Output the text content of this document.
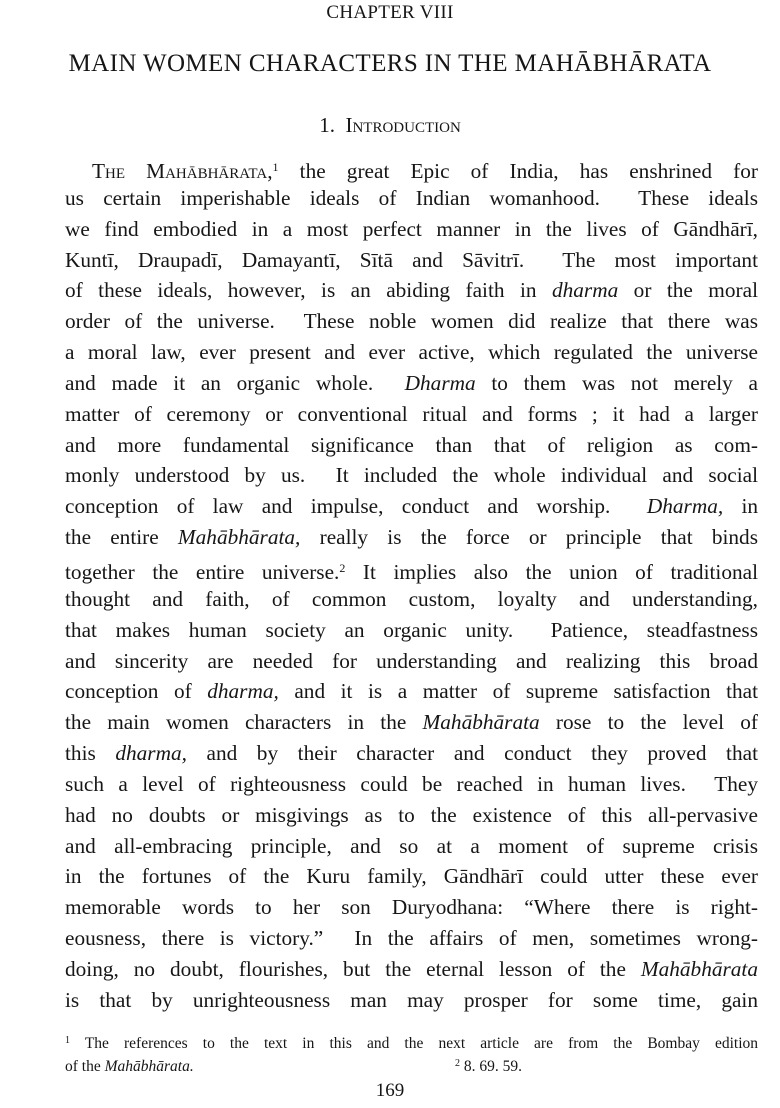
CHAPTER VIII
MAIN WOMEN CHARACTERS IN THE MAHĀBHĀRATA
1. Introduction
The Mahābhārata,$^1$ the great Epic of India, has enshrined for
us certain imperishable ideals of Indian womanhood.  These ideals
we find embodied in a most perfect manner in the lives of Gāndhārī,
Kuntī, Draupadī, Damayantī, Sītā and Sāvitrī.  The most important
of these ideals, however, is an abiding faith in dharma or the moral
order of the universe.  These noble women did realize that there was
a moral law, ever present and ever active, which regulated the universe
and made it an organic whole.  Dharma to them was not merely a
matter of ceremony or conventional ritual and forms ; it had a larger
and more fundamental significance than that of religion as com-
monly understood by us.  It included the whole individual and social
conception of law and impulse, conduct and worship.  Dharma, in
the entire Mahābhārata, really is the force or principle that binds
together the entire universe.$^2$ It implies also the union of traditional
thought and faith, of common custom, loyalty and understanding,
that makes human society an organic unity.  Patience, steadfastness
and sincerity are needed for understanding and realizing this broad
conception of dharma, and it is a matter of supreme satisfaction that
the main women characters in the Mahābhārata rose to the level of
this dharma, and by their character and conduct they proved that
such a level of righteousness could be reached in human lives.  They
had no doubts or misgivings as to the existence of this all-pervasive
and all-embracing principle, and so at a moment of supreme crisis
in the fortunes of the Kuru family, Gāndhārī could utter these ever
memorable words to her son Duryodhana: “Where there is right-
eousness, there is victory.”  In the affairs of men, sometimes wrong-
doing, no doubt, flourishes, but the eternal lesson of the Mahābhārata
is that by unrighteousness man may prosper for some time, gain
$^1$ The references to the text in this and the next article are from the Bombay edition
of the Mahābhārata.	$^2$ 8. 69. 59.
169
